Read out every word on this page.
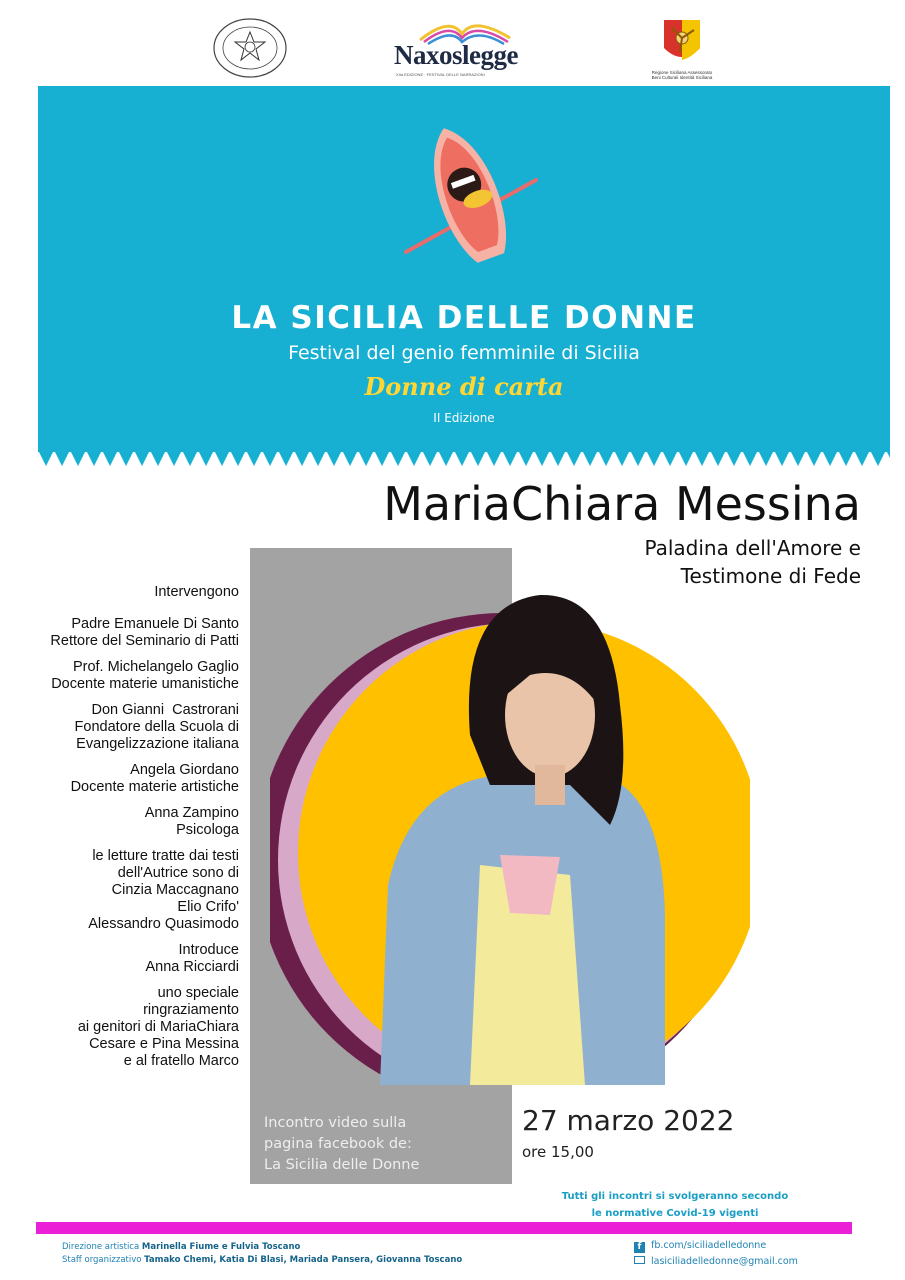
Naxoslegge
XIIa EDIZIONE · FESTIVAL DELLE NARRAZIONI	Regione Siciliana Assessorato Beni Culturali Identità Siciliana
LA SICILIA DELLE DONNE
Festival del genio femminile di Sicilia
Donne di carta
II Edizione
MariaChiara Messina
Paladina dell'Amore e
Testimone di Fede
Intervengono
Padre Emanuele Di Santo
Rettore del Seminario di Patti
Prof. Michelangelo Gaglio
Docente materie umanistiche
Don Gianni  Castrorani
Fondatore della Scuola di
Evangelizzazione italiana
Angela Giordano
Docente materie artistiche
Anna Zampino
Psicologa
le letture tratte dai testi
dell'Autrice sono di
Cinzia Maccagnano
Elio Crifo'
Alessandro Quasimodo
Introduce
Anna Ricciardi
uno speciale
ringraziamento
ai genitori di MariaChiara
Cesare e Pina Messina
e al fratello Marco
Incontro video sulla
pagina facebook de:
La Sicilia delle Donne
27 marzo 2022
ore 15,00
Tutti gli incontri si svolgeranno secondo
le normative Covid-19 vigenti
Direzione artistica Marinella Fiume e Fulvia Toscano
Staff organizzativo Tamako Chemi, Katia Di Blasi, Mariada Pansera, Giovanna Toscano
f fb.com/siciliadelledonne
lasiciliadelledonne@gmail.com
